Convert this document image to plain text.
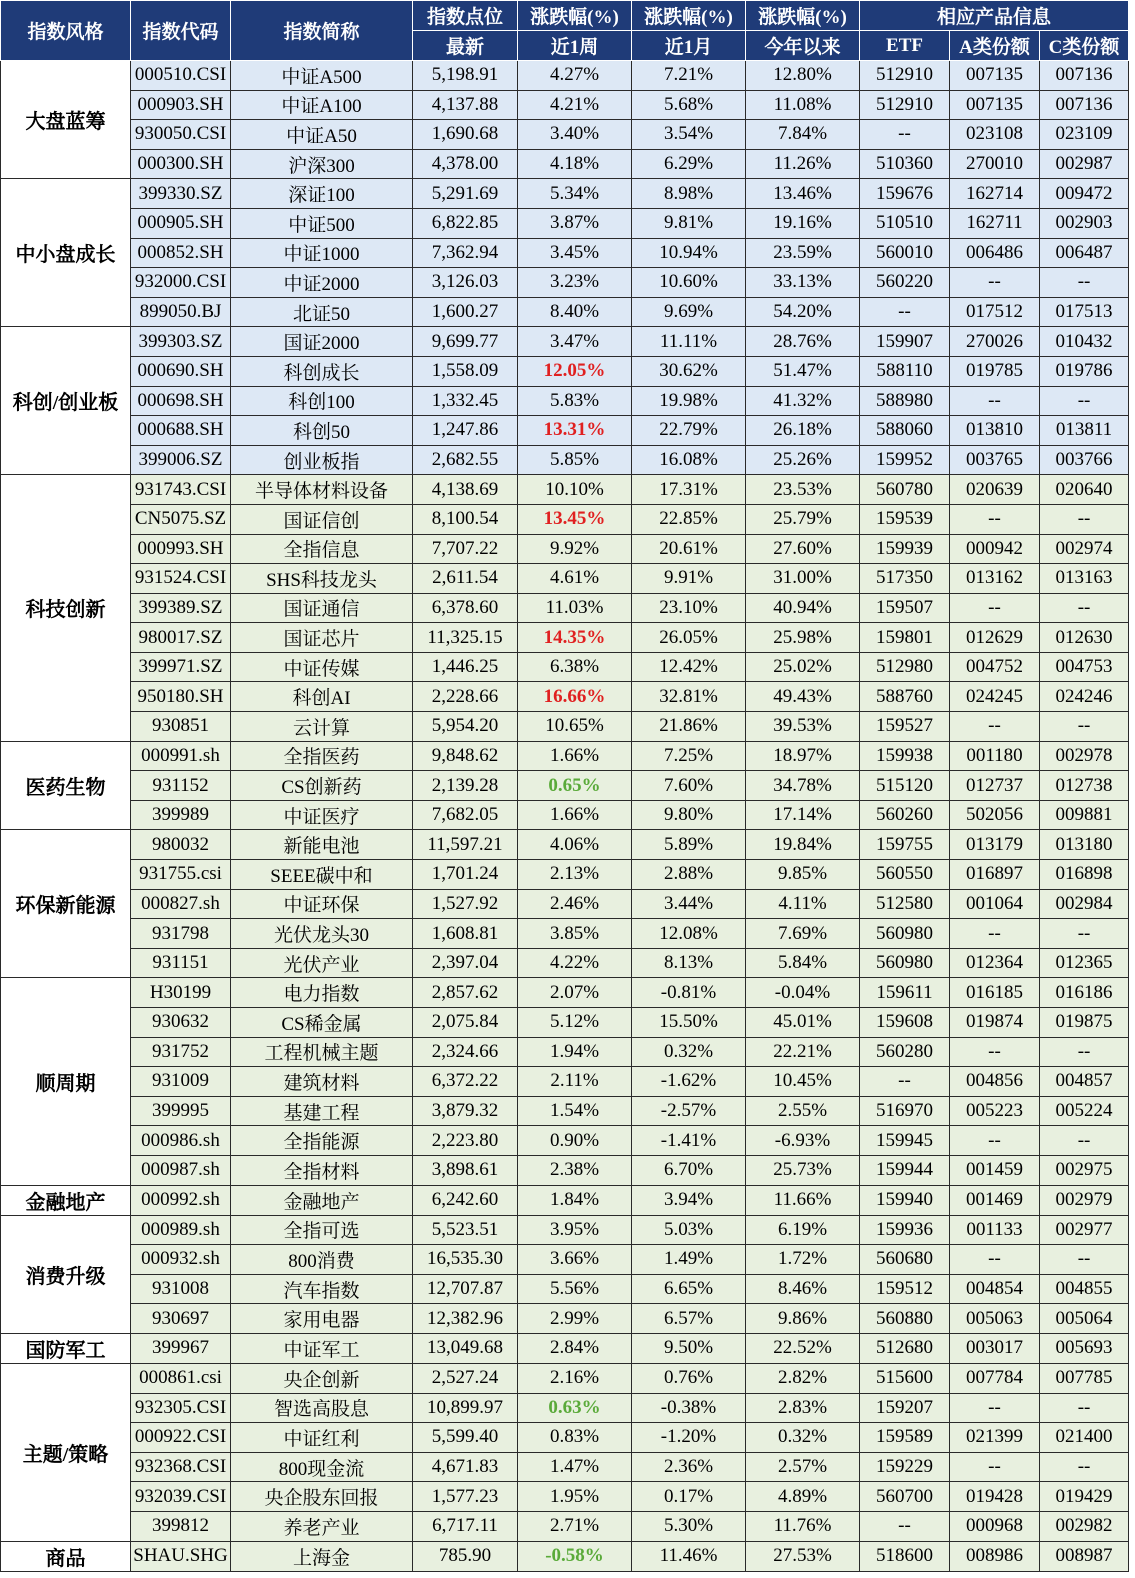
指数风格	指数代码	指数简称	指数点位	涨跌幅(%)	涨跌幅(%)	涨跌幅(%)	相应产品信息		
			最新	近1周	近1月	今年以来	ETF	A类份额	C类份额
大盘蓝筹	000510.CSI	中证A500	5,198.91	4.27%	7.21%	12.80%	512910	007135	007136
	000903.SH	中证A100	4,137.88	4.21%	5.68%	11.08%	512910	007135	007136
	930050.CSI	中证A50	1,690.68	3.40%	3.54%	7.84%	--	023108	023109
	000300.SH	沪深300	4,378.00	4.18%	6.29%	11.26%	510360	270010	002987
中小盘成长	399330.SZ	深证100	5,291.69	5.34%	8.98%	13.46%	159676	162714	009472
	000905.SH	中证500	6,822.85	3.87%	9.81%	19.16%	510510	162711	002903
	000852.SH	中证1000	7,362.94	3.45%	10.94%	23.59%	560010	006486	006487
	932000.CSI	中证2000	3,126.03	3.23%	10.60%	33.13%	560220	--	--
	899050.BJ	北证50	1,600.27	8.40%	9.69%	54.20%	--	017512	017513
科创/创业板	399303.SZ	国证2000	9,699.77	3.47%	11.11%	28.76%	159907	270026	010432
	000690.SH	科创成长	1,558.09	12.05%	30.62%	51.47%	588110	019785	019786
	000698.SH	科创100	1,332.45	5.83%	19.98%	41.32%	588980	--	--
	000688.SH	科创50	1,247.86	13.31%	22.79%	26.18%	588060	013810	013811
	399006.SZ	创业板指	2,682.55	5.85%	16.08%	25.26%	159952	003765	003766
科技创新	931743.CSI	半导体材料设备	4,138.69	10.10%	17.31%	23.53%	560780	020639	020640
	CN5075.SZ	国证信创	8,100.54	13.45%	22.85%	25.79%	159539	--	--
	000993.SH	全指信息	7,707.22	9.92%	20.61%	27.60%	159939	000942	002974
	931524.CSI	SHS科技龙头	2,611.54	4.61%	9.91%	31.00%	517350	013162	013163
	399389.SZ	国证通信	6,378.60	11.03%	23.10%	40.94%	159507	--	--
	980017.SZ	国证芯片	11,325.15	14.35%	26.05%	25.98%	159801	012629	012630
	399971.SZ	中证传媒	1,446.25	6.38%	12.42%	25.02%	512980	004752	004753
	950180.SH	科创AI	2,228.66	16.66%	32.81%	49.43%	588760	024245	024246
	930851	云计算	5,954.20	10.65%	21.86%	39.53%	159527	--	--
医药生物	000991.sh	全指医药	9,848.62	1.66%	7.25%	18.97%	159938	001180	002978
	931152	CS创新药	2,139.28	0.65%	7.60%	34.78%	515120	012737	012738
	399989	中证医疗	7,682.05	1.66%	9.80%	17.14%	560260	502056	009881
环保新能源	980032	新能电池	11,597.21	4.06%	5.89%	19.84%	159755	013179	013180
	931755.csi	SEEE碳中和	1,701.24	2.13%	2.88%	9.85%	560550	016897	016898
	000827.sh	中证环保	1,527.92	2.46%	3.44%	4.11%	512580	001064	002984
	931798	光伏龙头30	1,608.81	3.85%	12.08%	7.69%	560980	--	--
	931151	光伏产业	2,397.04	4.22%	8.13%	5.84%	560980	012364	012365
顺周期	H30199	电力指数	2,857.62	2.07%	-0.81%	-0.04%	159611	016185	016186
	930632	CS稀金属	2,075.84	5.12%	15.50%	45.01%	159608	019874	019875
	931752	工程机械主题	2,324.66	1.94%	0.32%	22.21%	560280	--	--
	931009	建筑材料	6,372.22	2.11%	-1.62%	10.45%	--	004856	004857
	399995	基建工程	3,879.32	1.54%	-2.57%	2.55%	516970	005223	005224
	000986.sh	全指能源	2,223.80	0.90%	-1.41%	-6.93%	159945	--	--
	000987.sh	全指材料	3,898.61	2.38%	6.70%	25.73%	159944	001459	002975
金融地产	000992.sh	金融地产	6,242.60	1.84%	3.94%	11.66%	159940	001469	002979
消费升级	000989.sh	全指可选	5,523.51	3.95%	5.03%	6.19%	159936	001133	002977
	000932.sh	800消费	16,535.30	3.66%	1.49%	1.72%	560680	--	--
	931008	汽车指数	12,707.87	5.56%	6.65%	8.46%	159512	004854	004855
	930697	家用电器	12,382.96	2.99%	6.57%	9.86%	560880	005063	005064
国防军工	399967	中证军工	13,049.68	2.84%	9.50%	22.52%	512680	003017	005693
主题/策略	000861.csi	央企创新	2,527.24	2.16%	0.76%	2.82%	515600	007784	007785
	932305.CSI	智选高股息	10,899.97	0.63%	-0.38%	2.83%	159207	--	--
	000922.CSI	中证红利	5,599.40	0.83%	-1.20%	0.32%	159589	021399	021400
	932368.CSI	800现金流	4,671.83	1.47%	2.36%	2.57%	159229	--	--
	932039.CSI	央企股东回报	1,577.23	1.95%	0.17%	4.89%	560700	019428	019429
	399812	养老产业	6,717.11	2.71%	5.30%	11.76%	--	000968	002982
商品	SHAU.SHG	上海金	785.90	-0.58%	11.46%	27.53%	518600	008986	008987
